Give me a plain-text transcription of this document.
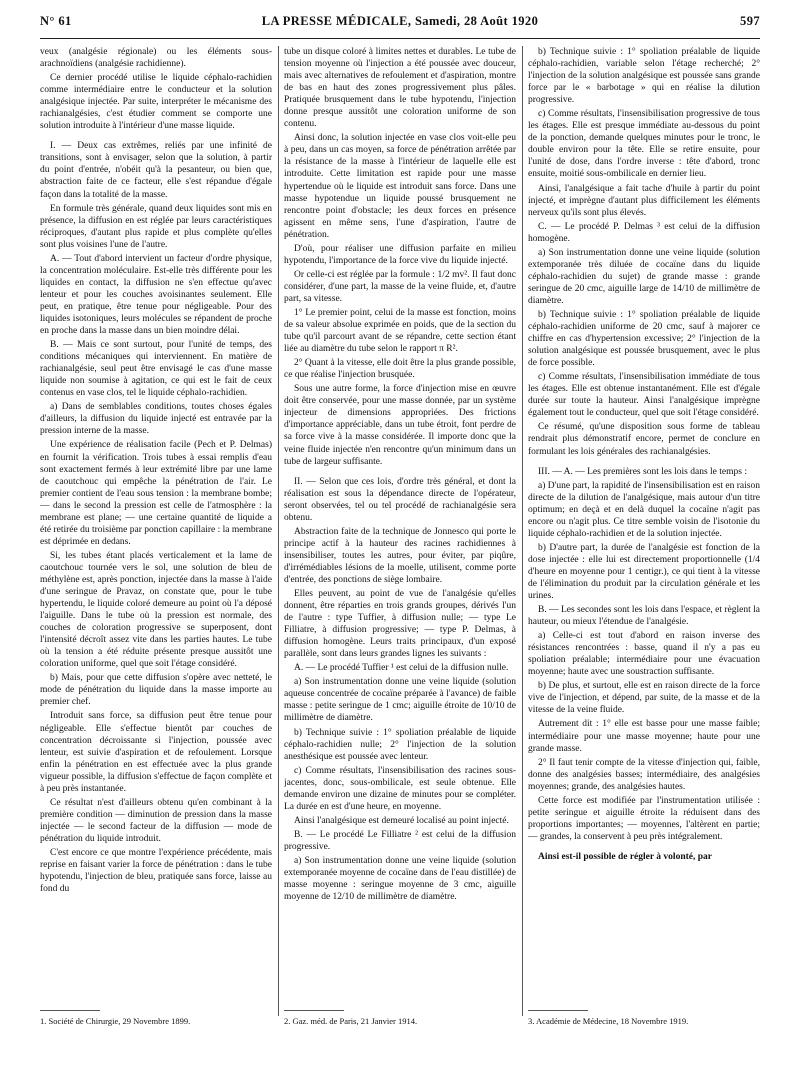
N° 61	LA PRESSE MÉDICALE, Samedi, 28 Août 1920	597

veux (analgésie régionale) ou les éléments sous-arachnoïdiens (analgésie rachidienne).

Ce dernier procédé utilise le liquide céphalo-rachidien comme intermédiaire entre le conducteur et la solution analgésique injectée. Par suite, interpréter le mécanisme des rachianalgésies, c'est étudier comment se comporte une solution introduite à l'intérieur d'une masse liquide.

I. — Deux cas extrêmes, reliés par une infinité de transitions, sont à envisager, selon que la solution, à partir du point d'entrée, n'obéit qu'à la pesanteur, ou bien que, abstraction faite de ce facteur, elle s'est répandue d'égale façon dans la totalité de la masse.

En formule très générale, quand deux liquides sont mis en présence, la diffusion en est réglée par leurs caractéristiques réciproques, d'autant plus rapide et plus complète qu'elles sont plus voisines l'une de l'autre.

A. — Tout d'abord intervient un facteur d'ordre physique, la concentration moléculaire. Est-elle très différente pour les liquides en contact, la diffusion ne s'en effectue qu'avec lenteur et pour les couches avoisinantes seulement. Elle peut, en pratique, être tenue pour négligeable. Pour des liquides isotoniques, leurs molécules se répandent de proche en proche dans la masse dans un bien moindre délai.

B. — Mais ce sont surtout, pour l'unité de temps, des conditions mécaniques qui interviennent. En matière de rachianalgésie, seul peut être envisagé le cas d'une masse liquide non soumise à agitation, ce qui est le fait de ceux contenus en vase clos, tel le liquide céphalo-rachidien.

a) Dans de semblables conditions, toutes choses égales d'ailleurs, la diffusion du liquide injecté est entravée par la pression interne de la masse.

Une expérience de réalisation facile (Pech et P. Delmas) en fournit la vérification. Trois tubes à essai remplis d'eau sont exactement fermés à leur extrémité libre par une lame de caoutchouc qui empêche la pénétration de l'air. Le premier contient de l'eau sous tension : la membrane bombe; — dans le second la pression est celle de l'atmosphère : la membrane est plane; — une certaine quantité de liquide a été retirée du troisième par ponction capillaire : la membrane est déprimée en dedans.

Si, les tubes étant placés verticalement et la lame de caoutchouc tournée vers le sol, une solution de bleu de méthylène est, après ponction, injectée dans la masse à l'aide d'une seringue de Pravaz, on constate que, pour le tube hypertendu, le liquide coloré demeure au point où l'a déposé l'aiguille. Dans le tube où la pression est normale, des couches de coloration progressive se superposent, dont l'intensité décroît assez vite dans les parties hautes. Le tube où la tension a été réduite présente presque aussitôt une coloration uniforme, quel que soit l'étage considéré.

b) Mais, pour que cette diffusion s'opère avec netteté, le mode de pénétration du liquide dans la masse importe au premier chef.

Introduit sans force, sa diffusion peut être tenue pour négligeable. Elle s'effectue bientôt par couches de concentration décroissante si l'injection, poussée avec lenteur, est suivie d'aspiration et de refoulement. Lorsque enfin la pénétration en est effectuée avec la plus grande vigueur possible, la diffusion s'effectue de façon complète et à peu près instantanée.

Ce résultat n'est d'ailleurs obtenu qu'en combinant à la première condition — diminution de pression dans la masse injectée — le second facteur de la diffusion — mode de pénétration du liquide introduit.

C'est encore ce que montre l'expérience précédente, mais reprise en faisant varier la force de pénétration : dans le tube hypotendu, l'injection de bleu, pratiquée sans force, laisse au fond du

tube un disque coloré à limites nettes et durables. Le tube de tension moyenne où l'injection a été poussée avec douceur, mais avec alternatives de refoulement et d'aspiration, montre de bas en haut des zones progressivement plus pâles. Pratiquée brusquement dans le tube hypotendu, l'injection donne presque aussitôt une coloration uniforme de son contenu.

Ainsi donc, la solution injectée en vase clos voit-elle peu à peu, dans un cas moyen, sa force de pénétration arrêtée par la résistance de la masse à l'intérieur de laquelle elle est introduite. Cette limitation est rapide pour une masse hypertendue où le liquide est introduit sans force. Dans une masse hypotendue un liquide poussé brusquement ne rencontre point d'obstacle; les deux forces en présence agissent en même sens, l'une d'aspiration, l'autre de pénétration.

D'où, pour réaliser une diffusion parfaite en milieu hypotendu, l'importance de la force vive du liquide injecté.

Or celle-ci est réglée par la formule : 1/2 mv². Il faut donc considérer, d'une part, la masse de la veine fluide, et, d'autre part, sa vitesse.

1° Le premier point, celui de la masse est fonction, moins de sa valeur absolue exprimée en poids, que de la section du tube qu'il parcourt avant de se répandre, cette section étant liée au diamètre du tube selon le rapport π R².

2° Quant à la vitesse, elle doit être la plus grande possible, ce que réalise l'injection brusquée.

Sous une autre forme, la force d'injection mise en œuvre doit être conservée, pour une masse donnée, par un système injecteur de dimensions appropriées. Des frictions d'importance appréciable, dans un tube étroit, font perdre de sa force vive à la masse considérée. Il importe donc que la veine fluide injectée n'en rencontre qu'un minimum dans un tube de largeur suffisante.

II. — Selon que ces lois, d'ordre très général, et dont la réalisation est sous la dépendance directe de l'opérateur, seront observées, tel ou tel procédé de rachianalgésie sera obtenu.

Abstraction faite de la technique de Jonnesco qui porte le principe actif à la hauteur des racines rachidiennes à insensibiliser, toutes les autres, pour éviter, par piqûre, d'irrémédiables lésions de la moelle, utilisent, comme porte d'entrée, des ponctions de siège lombaire.

Elles peuvent, au point de vue de l'analgésie qu'elles donnent, être réparties en trois grands groupes, dérivés l'un de l'autre : type Tuffier, à diffusion nulle; — type Le Filliatre, à diffusion progressive; — type P. Delmas, à diffusion homogène. Leurs traits principaux, d'un exposé parallèle, sont dans leurs grandes lignes les suivants :

A. — Le procédé Tuffier ¹ est celui de la diffusion nulle.

a) Son instrumentation donne une veine liquide (solution aqueuse concentrée de cocaïne préparée à l'avance) de faible masse : petite seringue de 1 cmc; aiguille étroite de 10/10 de millimètre de diamètre.

b) Technique suivie : 1° spoliation préalable de liquide céphalo-rachidien nulle; 2° l'injection de la solution anesthésique est poussée avec lenteur.

c) Comme résultats, l'insensibilisation des racines sous-jacentes, donc, sous-ombilicale, est seule obtenue. Elle demande environ une dizaine de minutes pour se compléter. La durée en est d'une heure, en moyenne.

Ainsi l'analgésique est demeuré localisé au point injecté.

B. — Le procédé Le Filliatre ² est celui de la diffusion progressive.

a) Son instrumentation donne une veine liquide (solution extemporanée moyenne de cocaïne dans de l'eau distillée) de masse moyenne : seringue moyenne de 3 cmc, aiguille moyenne de 12/10 de millimètre de diamètre.

b) Technique suivie : 1° spoliation préalable de liquide céphalo-rachidien, variable selon l'étage recherché; 2° l'injection de la solution analgésique est poussée sans grande force par le « barbotage » qui en réalise la dilution progressive.

c) Comme résultats, l'insensibilisation progressive de tous les étages. Elle est presque immédiate au-dessous du point de la ponction, demande quelques minutes pour le tronc, le double environ pour la tête. Elle se retire ensuite, pour l'unité de dose, dans l'ordre inverse : tête d'abord, tronc ensuite, moitié sous-ombilicale en dernier lieu.

Ainsi, l'analgésique a fait tache d'huile à partir du point injecté, et imprègne d'autant plus difficilement les éléments nerveux qu'ils sont plus élevés.

C. — Le procédé P. Delmas ³ est celui de la diffusion homogène.

a) Son instrumentation donne une veine liquide (solution extemporanée très diluée de cocaïne dans du liquide céphalo-rachidien du sujet) de grande masse : grande seringue de 20 cmc, aiguille large de 14/10 de millimètre de diamètre.

b) Technique suivie : 1° spoliation préalable de liquide céphalo-rachidien uniforme de 20 cmc, sauf à majorer ce chiffre en cas d'hypertension excessive; 2° l'injection de la solution analgésique est poussée brusquement, avec le plus de force possible.

c) Comme résultats, l'insensibilisation immédiate de tous les étages. Elle est obtenue instantanément. Elle est d'égale durée sur toute la hauteur. Ainsi l'analgésique imprègne également tout le conducteur, quel que soit l'étage considéré.

Ce résumé, qu'une disposition sous forme de tableau rendrait plus démonstratif encore, permet de conclure en formulant les lois générales des rachianalgésies.

III. — A. — Les premières sont les lois dans le temps :

a) D'une part, la rapidité de l'insensibilisation est en raison directe de la dilution de l'analgésique, mais autour d'un titre optimum; en deçà et en delà duquel la cocaïne n'agit pas encore ou n'agit plus. Ce titre semble voisin de l'isotonie du liquide céphalo-rachidien et de la solution injectée.

b) D'autre part, la durée de l'analgésie est fonction de la dose injectée : elle lui est directement proportionnelle (1/4 d'heure en moyenne pour 1 centigr.), ce qui tient à la vitesse de l'élimination du produit par la circulation générale et les urines.

B. — Les secondes sont les lois dans l'espace, et règlent la hauteur, ou mieux l'étendue de l'analgésie.

a) Celle-ci est tout d'abord en raison inverse des résistances rencontrées : basse, quand il n'y a pas eu spoliation préalable; intermédiaire pour une évacuation moyenne; haute avec une soustraction suffisante.

b) De plus, et surtout, elle est en raison directe de la force vive de l'injection, et dépend, par suite, de la masse et de la vitesse de la veine fluide.

Autrement dit : 1° elle est basse pour une masse faible; intermédiaire pour une masse moyenne; haute pour une grande masse.

2° Il faut tenir compte de la vitesse d'injection qui, faible, donne des analgésies basses; intermédiaire, des analgésies moyennes; grande, des analgésies hautes.

Cette force est modifiée par l'instrumentation utilisée : petite seringue et aiguille étroite la réduisent dans des proportions importantes; — moyennes, l'altèrent en partie; — grandes, la conservent à peu près intégralement.

Ainsi est-il possible de régler à volonté, par

1. Société de Chirurgie, 29 Novembre 1899.	2. Gaz. méd. de Paris, 21 Janvier 1914.	3. Académie de Médecine, 18 Novembre 1919.
